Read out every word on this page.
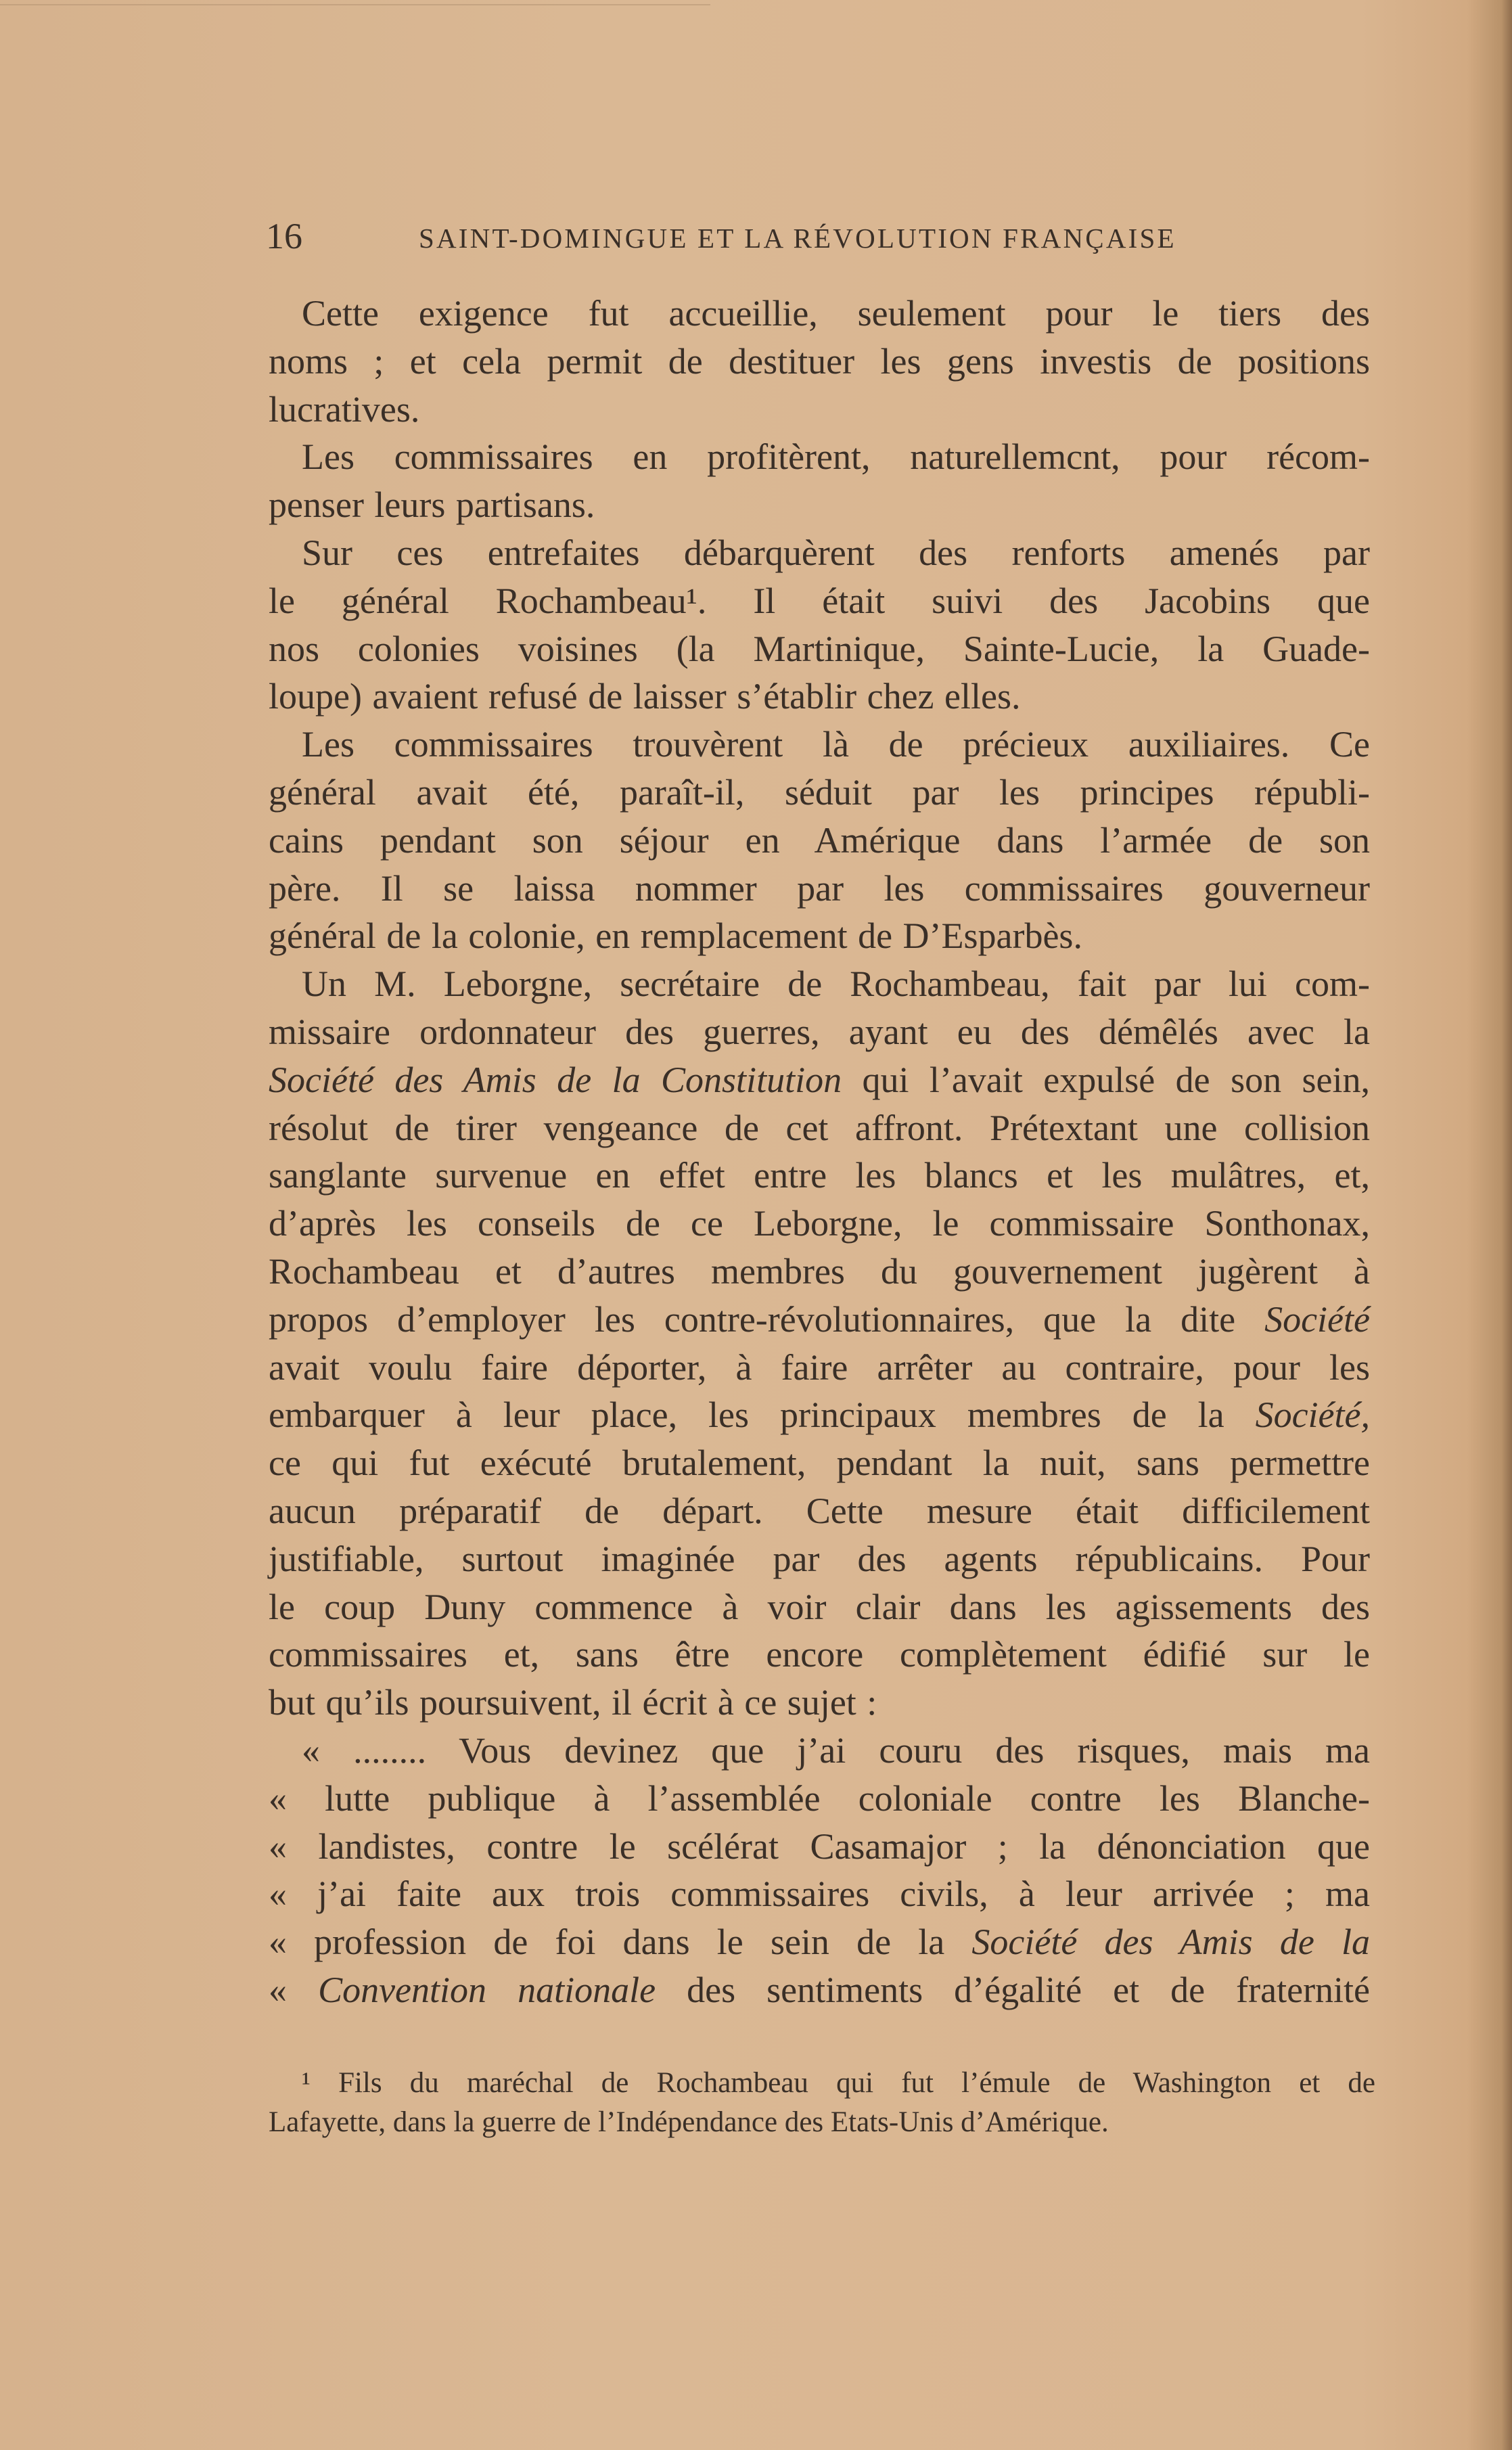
16	SAINT-DOMINGUE ET LA RÉVOLUTION FRANÇAISE
Cette exigence fut accueillie, seulement pour le tiers des
noms ; et cela permit de destituer les gens investis de positions
lucratives.
Les commissaires en profitèrent, naturellemcnt, pour récom-
penser leurs partisans.
Sur ces entrefaites débarquèrent des renforts amenés par
le général Rochambeau¹. Il était suivi des Jacobins que
nos colonies voisines (la Martinique, Sainte-Lucie, la Guade-
loupe) avaient refusé de laisser s’établir chez elles.
Les commissaires trouvèrent là de précieux auxiliaires. Ce
général avait été, paraît-il, séduit par les principes républi-
cains pendant son séjour en Amérique dans l’armée de son
père. Il se laissa nommer par les commissaires gouverneur
général de la colonie, en remplacement de D’Esparbès.
Un M. Leborgne, secrétaire de Rochambeau, fait par lui com-
missaire ordonnateur des guerres, ayant eu des démêlés avec la
Société des Amis de la Constitution qui l’avait expulsé de son sein,
résolut de tirer vengeance de cet affront. Prétextant une collision
sanglante survenue en effet entre les blancs et les mulâtres, et,
d’après les conseils de ce Leborgne, le commissaire Sonthonax,
Rochambeau et d’autres membres du gouvernement jugèrent à
propos d’employer les contre-révolutionnaires, que la dite Société
avait voulu faire déporter, à faire arrêter au contraire, pour les
embarquer à leur place, les principaux membres de la Société,
ce qui fut exécuté brutalement, pendant la nuit, sans permettre
aucun préparatif de départ. Cette mesure était difficilement
justifiable, surtout imaginée par des agents républicains. Pour
le coup Duny commence à voir clair dans les agissements des
commissaires et, sans être encore complètement édifié sur le
but qu’ils poursuivent, il écrit à ce sujet :
« ........ Vous devinez que j’ai couru des risques, mais ma
« lutte publique à l’assemblée coloniale contre les Blanche-
« landistes, contre le scélérat Casamajor ; la dénonciation que
« j’ai faite aux trois commissaires civils, à leur arrivée ; ma
« profession de foi dans le sein de la Société des Amis de la
« Convention nationale des sentiments d’égalité et de fraternité
¹ Fils du maréchal de Rochambeau qui fut l’émule de Washington et de
Lafayette, dans la guerre de l’Indépendance des Etats-Unis d’Amérique.
